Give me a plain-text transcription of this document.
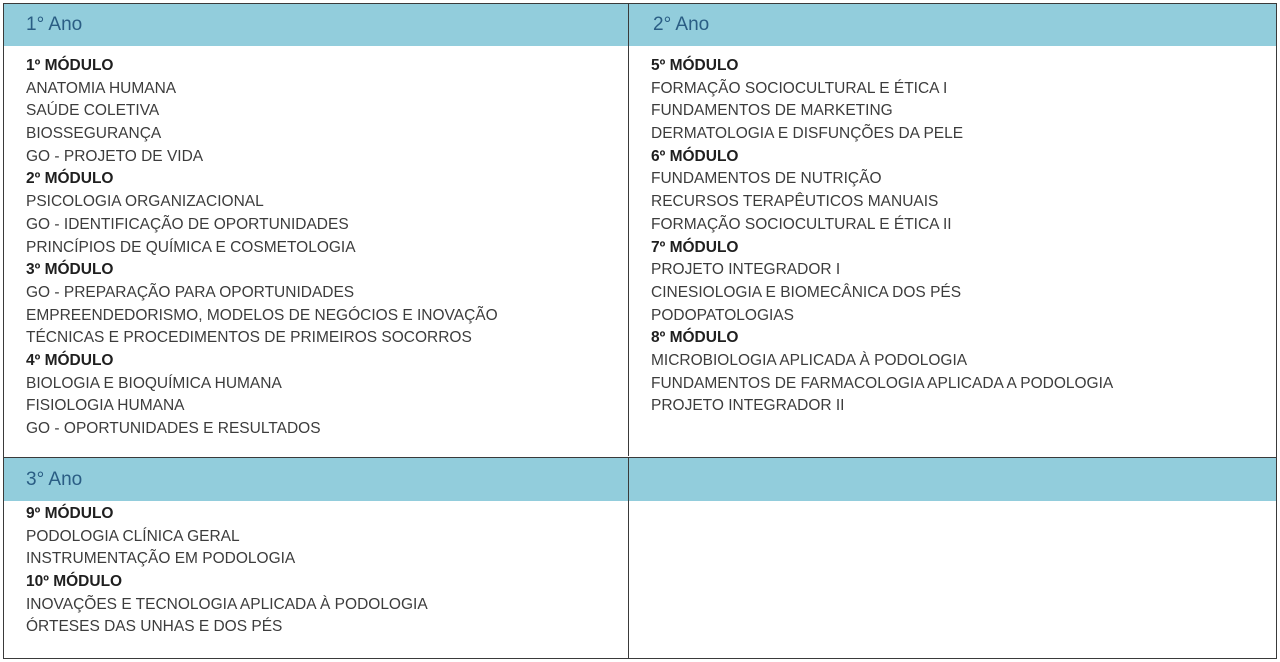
1° Ano
1º MÓDULO
ANATOMIA HUMANA
SAÚDE COLETIVA
BIOSSEGURANÇA
GO - PROJETO DE VIDA
2º MÓDULO
PSICOLOGIA ORGANIZACIONAL
GO - IDENTIFICAÇÃO DE OPORTUNIDADES
PRINCÍPIOS DE QUÍMICA E COSMETOLOGIA
3º MÓDULO
GO - PREPARAÇÃO PARA OPORTUNIDADES
EMPREENDEDORISMO, MODELOS DE NEGÓCIOS E INOVAÇÃO
TÉCNICAS E PROCEDIMENTOS DE PRIMEIROS SOCORROS
4º MÓDULO
BIOLOGIA E BIOQUÍMICA HUMANA
FISIOLOGIA HUMANA
GO - OPORTUNIDADES E RESULTADOS
2° Ano
5º MÓDULO
FORMAÇÃO SOCIOCULTURAL E ÉTICA I
FUNDAMENTOS DE MARKETING
DERMATOLOGIA E DISFUNÇÕES DA PELE
6º MÓDULO
FUNDAMENTOS DE NUTRIÇÃO
RECURSOS TERAPÊUTICOS MANUAIS
FORMAÇÃO SOCIOCULTURAL E ÉTICA II
7º MÓDULO
PROJETO INTEGRADOR I
CINESIOLOGIA E BIOMECÂNICA DOS PÉS
PODOPATOLOGIAS
8º MÓDULO
MICROBIOLOGIA APLICADA À PODOLOGIA
FUNDAMENTOS DE FARMACOLOGIA APLICADA A PODOLOGIA
PROJETO INTEGRADOR II
3° Ano
9º MÓDULO
PODOLOGIA CLÍNICA GERAL
INSTRUMENTAÇÃO EM PODOLOGIA
10º MÓDULO
INOVAÇÕES E TECNOLOGIA APLICADA À PODOLOGIA
ÓRTESES DAS UNHAS E DOS PÉS
